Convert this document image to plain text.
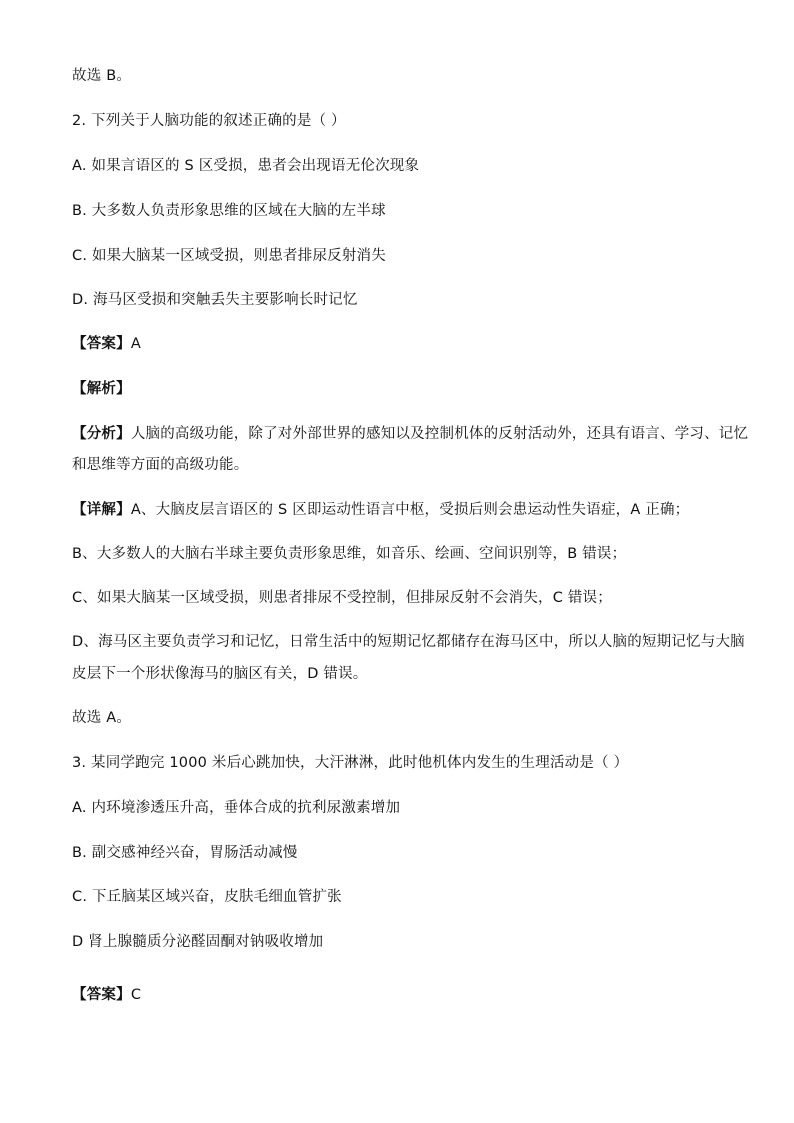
故选 B。
2. 下列关于人脑功能的叙述正确的是（ ）
A. 如果言语区的 S 区受损，患者会出现语无伦次现象
B. 大多数人负责形象思维的区域在大脑的左半球
C. 如果大脑某一区域受损，则患者排尿反射消失
D. 海马区受损和突触丢失主要影响长时记忆
【答案】A
【解析】
【分析】人脑的高级功能，除了对外部世界的感知以及控制机体的反射活动外，还具有语言、学习、记忆
和思维等方面的高级功能。
【详解】A、大脑皮层言语区的 S 区即运动性语言中枢，受损后则会患运动性失语症，A 正确；
B、大多数人的大脑右半球主要负责形象思维，如音乐、绘画、空间识别等，B 错误；
C、如果大脑某一区域受损，则患者排尿不受控制，但排尿反射不会消失，C 错误；
D、海马区主要负责学习和记忆，日常生活中的短期记忆都储存在海马区中，所以人脑的短期记忆与大脑
皮层下一个形状像海马的脑区有关，D 错误。
故选 A。
3. 某同学跑完 1000 米后心跳加快，大汗淋淋，此时他机体内发生的生理活动是（ ）
A. 内环境渗透压升高，垂体合成的抗利尿激素增加
B. 副交感神经兴奋，胃肠活动减慢
C. 下丘脑某区域兴奋，皮肤毛细血管扩张
D 肾上腺髓质分泌醛固酮对钠吸收增加
【答案】C
